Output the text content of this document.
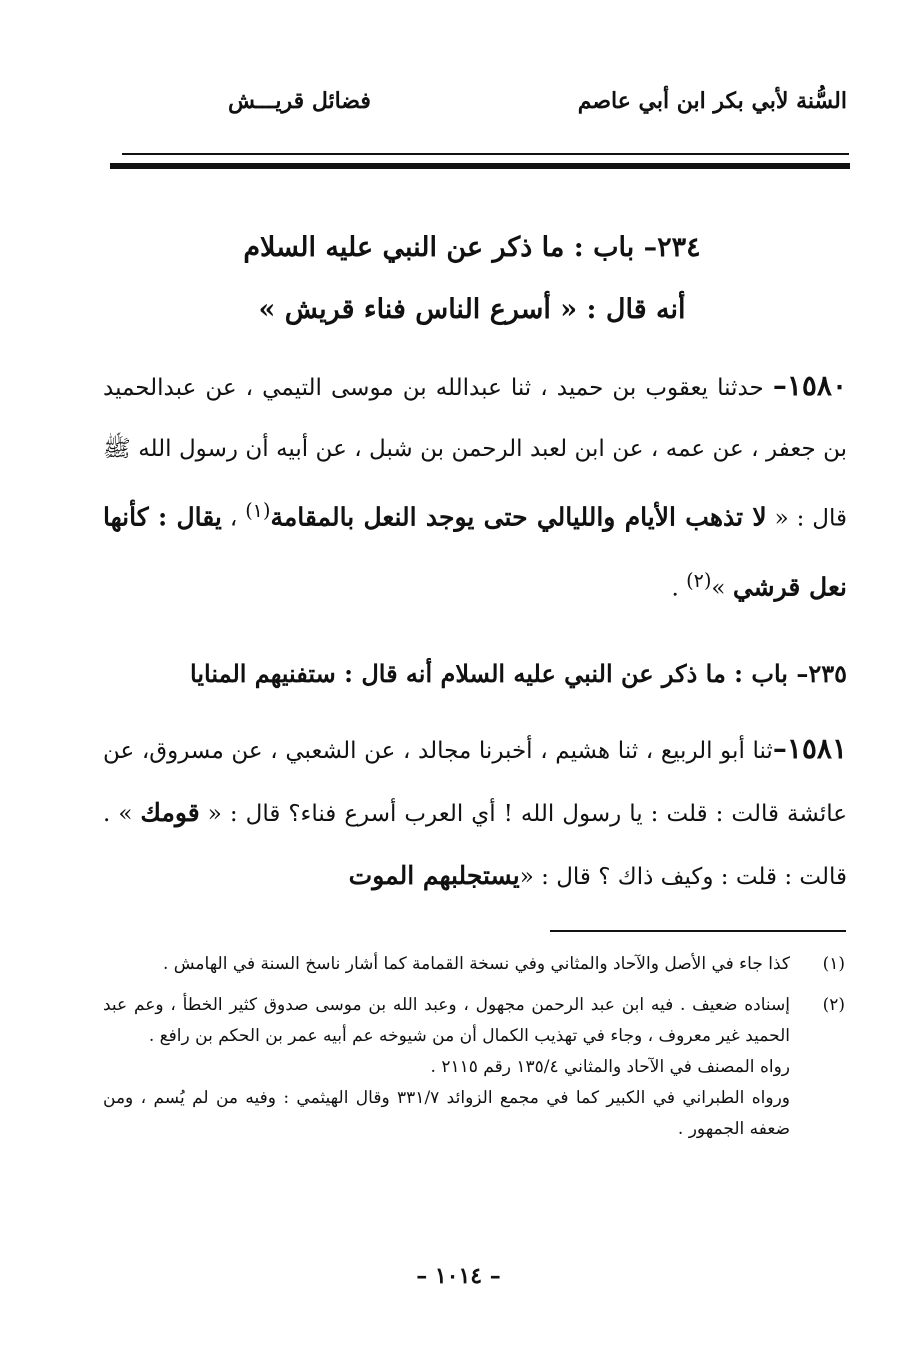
السُّنة لأبي بكر ابن أبي عاصم
فضائل قريـــش
٢٣٤– باب : ما ذكر عن النبي عليه السلام
أنه قال : « أسرع الناس فناء قريش »
١٥٨٠– حدثنا يعقوب بن حميد ، ثنا عبدالله بن موسى التيمي ، عن عبدالحميد بن جعفر ، عن عمه ، عن ابن لعبد الرحمن بن شبل ، عن أبيه أن رسول الله ﷺ قال : « لا تذهب الأيام والليالي حتى يوجد النعل بالمقامة$^{(١)}$ ، يقال : كأنها نعل قرشي »$^{(٢)}$ .
٢٣٥– باب : ما ذكر عن النبي عليه السلام أنه قال : ستفنيهم المنايا
١٥٨١–ثنا أبو الربيع ، ثنا هشيم ، أخبرنا مجالد ، عن الشعبي ، عن مسروق، عن عائشة قالت : قلت : يا رسول الله ! أي العرب أسرع فناء؟ قال : « قومك » . قالت : قلت : وكيف ذاك ؟ قال : «يستجلبهم الموت
(١)
كذا جاء في الأصل والآحاد والمثاني وفي نسخة القمامة كما أشار ناسخ السنة في الهامش .
(٢)
إسناده ضعيف . فيه ابن عبد الرحمن مجهول ، وعبد الله بن موسى صدوق كثير الخطأ ، وعم عبد الحميد غير معروف ، وجاء في تهذيب الكمال أن من شيوخه عم أبيه عمر بن الحكم بن رافع .
رواه المصنف في الآحاد والمثاني ١٣٥/٤ رقم ٢١١٥ .
ورواه الطبراني في الكبير كما في مجمع الزوائد ٣٣١/٧ وقال الهيثمي : وفيه من لم يُسم ، ومن ضعفه الجمهور .
– ١٠١٤ –
